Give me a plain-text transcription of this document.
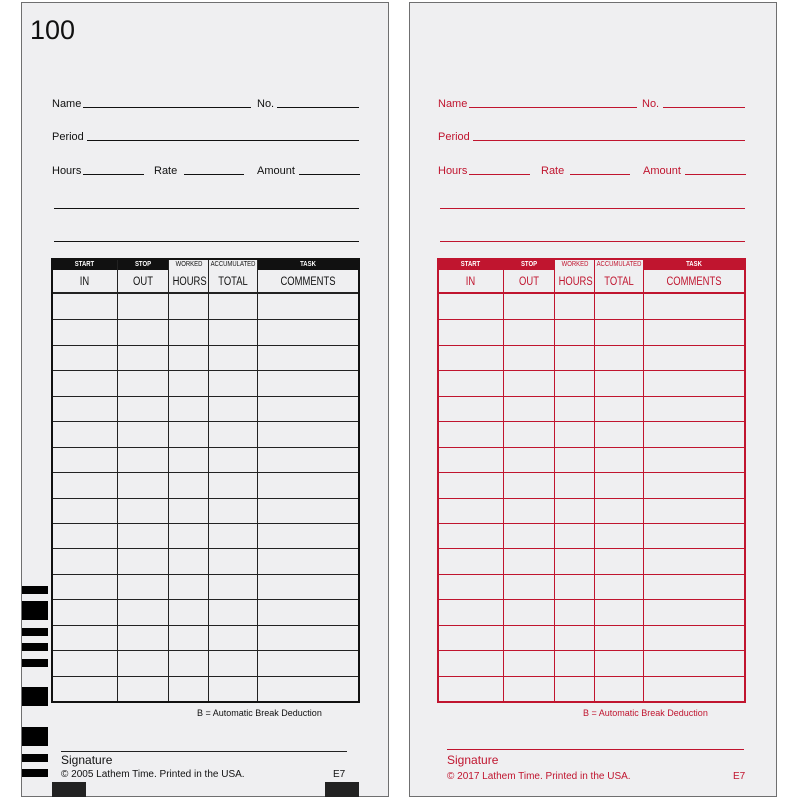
100
Name	No.
Period
Hours	Rate	Amount
START	STOP	WORKED	ACCUMULATED	TASK
IN	OUT	HOURS	TOTAL	COMMENTS
B = Automatic Break Deduction
Signature
© 2005 Lathem Time. Printed in the USA.	E7
Name	No.
Period
Hours	Rate	Amount
START	STOP	WORKED	ACCUMULATED	TASK
IN	OUT	HOURS	TOTAL	COMMENTS
B = Automatic Break Deduction
Signature
© 2017 Lathem Time. Printed in the USA.	E7
